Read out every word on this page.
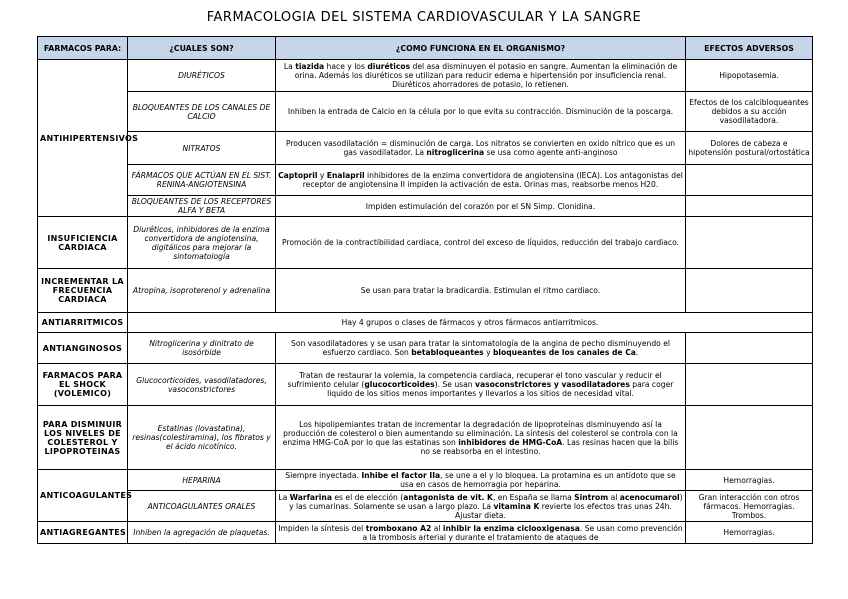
FARMACOLOGIA DEL SISTEMA CARDIOVASCULAR Y LA SANGRE
FARMACOS PARA:	¿CUALES SON?	¿COMO FUNCIONA EN EL ORGANISMO?	EFECTOS ADVERSOS
ANTIHIPERTENSIVOS	DIURÉTICOS	La tiazida hace y los diuréticos del asa disminuyen el potasio en sangre. Aumentan la eliminación de orina. Además los diuréticos se utilizan para reducir edema e hipertensión por insuficiencia renal. Diuréticos ahorradores de potasio, lo retienen.	Hipopotasemia.
	BLOQUEANTES DE LOS CANALES DE CALCIO	Inhiben la entrada de Calcio en la célula por lo que evita su contracción. Disminución de la poscarga.	Efectos de los calcibloqueantes debidos a su acción vasodilatadora.
	NITRATOS	Producen vasodilatación = disminución de carga. Los nitratos se convierten en oxido nítrico que es un gas vasodilatador. La nitroglicerina se usa como agente anti-anginoso	Dolores de cabeza e hipotensión postural/ortostática
	FÁRMACOS QUE ACTÚAN EN EL SIST. RENINA-ANGIOTENSINA	Captopril y Enalapril inhibidores de la enzima convertidora de angiotensina (IECA). Los antagonistas del receptor de angiotensina II impiden la activación de esta. Orinas mas, reabsorbe menos H20.	
	BLOQUEANTES DE LOS RECEPTORES ALFA Y BETA	Impiden estimulación del corazón por el SN Simp. Clonidina.	
INSUFICIENCIA CARDIACA	Diuréticos, inhibidores de la enzima convertidora de angiotensina, digitálicos para mejorar la sintomatología	Promoción de la contractibilidad cardiaca, control del exceso de líquidos, reducción del trabajo cardiaco.	
INCREMENTAR LA FRECUENCIA CARDIACA	Atropina, isoproterenol y adrenalina	Se usan para tratar la bradicardia. Estimulan el ritmo cardiaco.	
ANTIARRITMICOS	Hay 4 grupos o clases de fármacos y otros fármacos antiarritmicos.		
ANTIANGINOSOS	Nitroglicerina y dinitrato de isosórbide	Son vasodilatadores y se usan para tratar la sintomatología de la angina de pecho disminuyendo el esfuerzo cardiaco. Son betabloqueantes y bloqueantes de los canales de Ca.	
FARMACOS PARA EL SHOCK (VOLEMICO)	Glucocorticoides, vasodilatadores, vasoconstrictores	Tratan de restaurar la volemia, la competencia cardiaca, recuperar el tono vascular y reducir el sufrimiento celular (glucocorticoides). Se usan vasoconstrictores y vasodilatadores para coger liquido de los sitios menos importantes y llevarlos a los sitios de necesidad vital.	
PARA DISMINUIR LOS NIVELES DE COLESTEROL Y LIPOPROTEINAS	Estatinas (lovastatina), resinas(colestiramina), los fibratos y el ácido nicotínico.	Los hipolipemiantes tratan de incrementar la degradación de lipoproteínas disminuyendo así la producción de colesterol o bien aumentando su eliminación. La síntesis del colesterol se controla con la enzima HMG-CoA por lo que las estatinas son inhibidores de HMG-CoA. Las resinas hacen que la bilis no se reabsorba en el intestino.	
ANTICOAGULANTES	HEPARINA	Siempre inyectada. Inhibe el factor IIa, se une a el y lo bloquea. La protamina es un antídoto que se usa en casos de hemorragia por heparina.	Hemorragias.
	ANTICOAGULANTES ORALES	La Warfarina es el de elección (antagonista de vit. K, en España se llama Sintrom al acenocumarol) y las cumarinas. Solamente se usan a largo plazo. La vitamina K revierte los efectos tras unas 24h. Ajustar dieta.	Gran interacción con otros fármacos. Hemorragias. Trombos.
ANTIAGREGANTES	Inhiben la agregación de plaquetas.	Impiden la síntesis del tromboxano A2 al inhibir la enzima ciclooxigenasa. Se usan como prevención a la trombosis arterial y durante el tratamiento de ataques de	Hemorragias.
